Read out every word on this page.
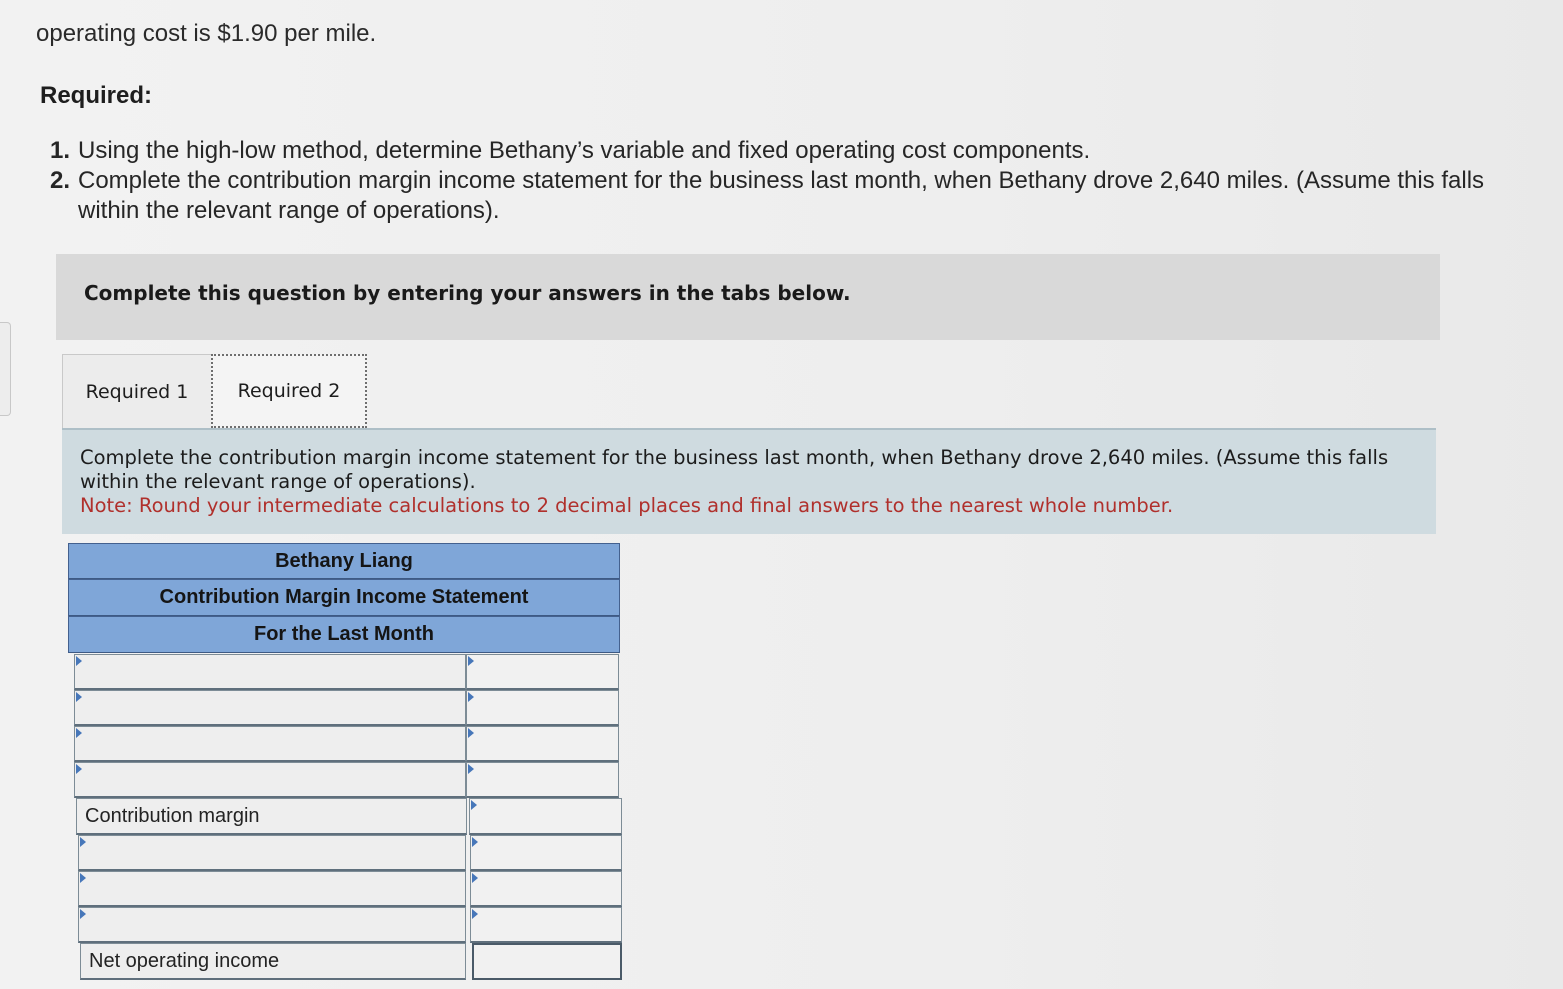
operating cost is $1.90 per mile.
Required:
1. Using the high-low method, determine Bethany’s variable and fixed operating cost components.
2. Complete the contribution margin income statement for the business last month, when Bethany drove 2,640 miles. (Assume this falls within the relevant range of operations).
Complete this question by entering your answers in the tabs below.
Required 1	Required 2
Complete the contribution margin income statement for the business last month, when Bethany drove 2,640 miles. (Assume this falls within the relevant range of operations).
Note: Round your intermediate calculations to 2 decimal places and final answers to the nearest whole number.
Bethany Liang
Contribution Margin Income Statement
For the Last Month
Contribution margin
Net operating income
